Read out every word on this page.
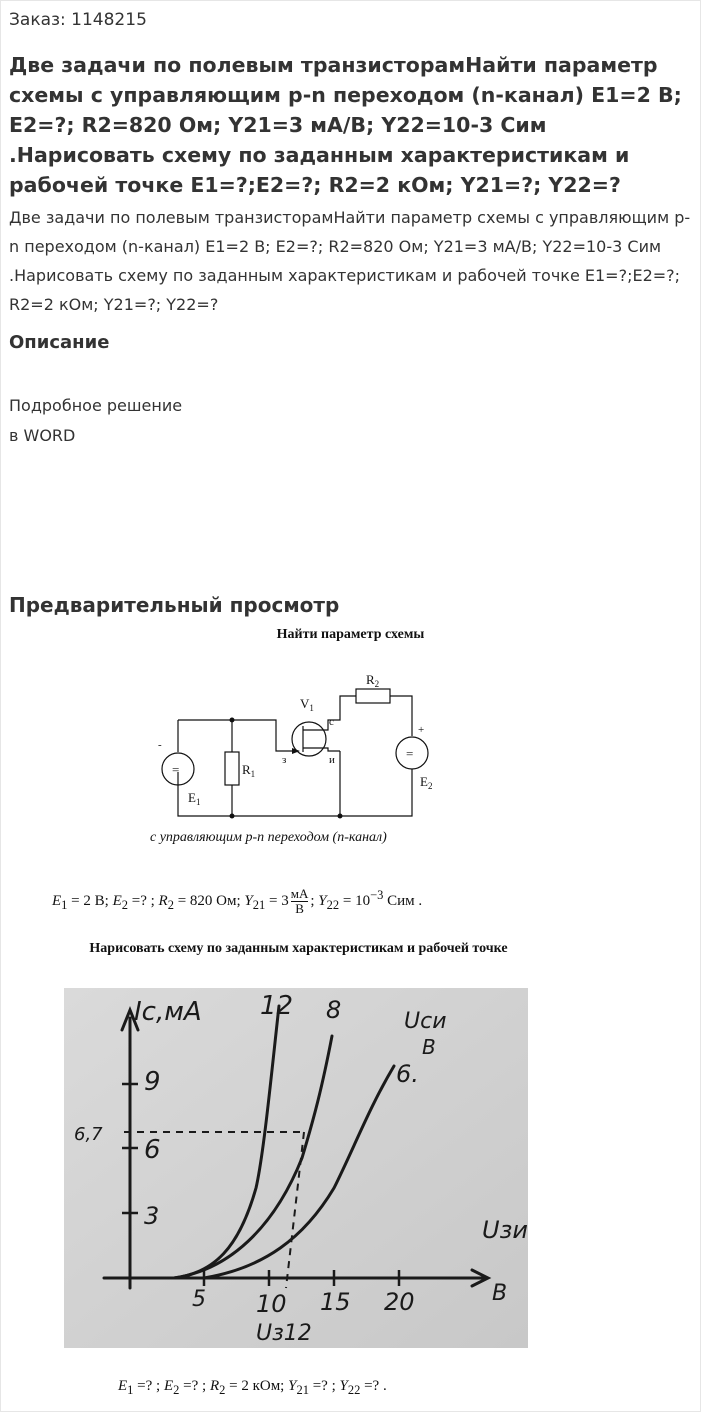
Заказ: 1148215
Две задачи по полевым транзисторамНайти параметр схемы с управляющим p-n переходом (n-канал) E1=2 В; E2=?; R2=820 Ом; Y21=3 мА/В; Y22=10-3 Сим .Нарисовать схему по заданным характеристикам и рабочей точке E1=?;E2=?; R2=2 кОм; Y21=?; Y22=?
Две задачи по полевым транзисторамНайти параметр схемы с управляющим p-n переходом (n-канал) E1=2 В; E2=?; R2=820 Ом; Y21=3 мА/В; Y22=10-3 Сим .Нарисовать схему по заданным характеристикам и рабочей точке E1=?;E2=?; R2=2 кОм; Y21=?; Y22=?
Описание
Подробное решение
в WORD
Предварительный просмотр
Найти параметр схемы
$R_2$
$V_1$
с
з	и
$R_1$
$E_1$
$E_2$
+
-
=
=
с управляющим p-n переходом (n-канал)
$E_1 = 2$ В; $E_2$ =? ; $R_2 = 820$ Ом; $Y_{21} = 3$ мА
В ; $Y_{22} = 10^{-3}$ Сим .
Нарисовать схему по заданным характеристикам и рабочей точке
Iс,мА 12 8	Uси
В
6.
9
6
3
6,7
5 10 15 20
Uзи
В
Uз12
$E_1$ =? ; $E_2$ =? ; $R_2 = 2$ кОм; $Y_{21}$ =? ; $Y_{22}$ =? .
